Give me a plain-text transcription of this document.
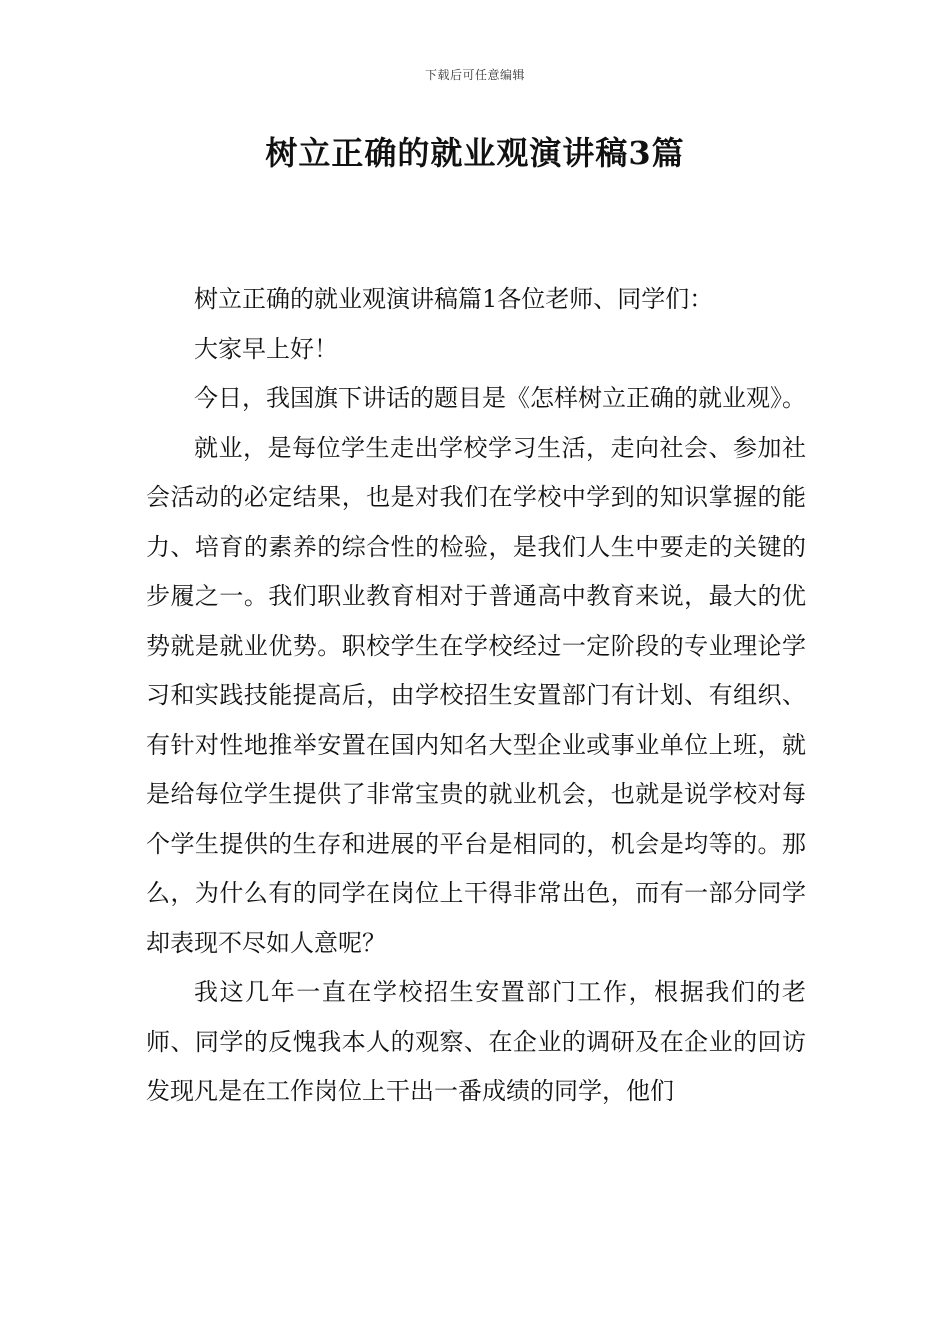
下载后可任意编辑
树立正确的就业观演讲稿3篇

树立正确的就业观演讲稿篇1各位老师、同学们：

大家早上好！

今日，我国旗下讲话的题目是《怎样树立正确的就业观》。

就业，是每位学生走出学校学习生活，走向社会、参加社会活动的必定结果，也是对我们在学校中学到的知识掌握的能力、培育的素养的综合性的检验，是我们人生中要走的关键的步履之一。我们职业教育相对于普通高中教育来说，最大的优势就是就业优势。职校学生在学校经过一定阶段的专业理论学习和实践技能提高后，由学校招生安置部门有计划、有组织、有针对性地推举安置在国内知名大型企业或事业单位上班，就是给每位学生提供了非常宝贵的就业机会，也就是说学校对每个学生提供的生存和进展的平台是相同的，机会是均等的。那么，为什么有的同学在岗位上干得非常出色，而有一部分同学却表现不尽如人意呢？

我这几年一直在学校招生安置部门工作，根据我们的老师、同学的反愧我本人的观察、在企业的调研及在企业的回访发现凡是在工作岗位上干出一番成绩的同学，他们
